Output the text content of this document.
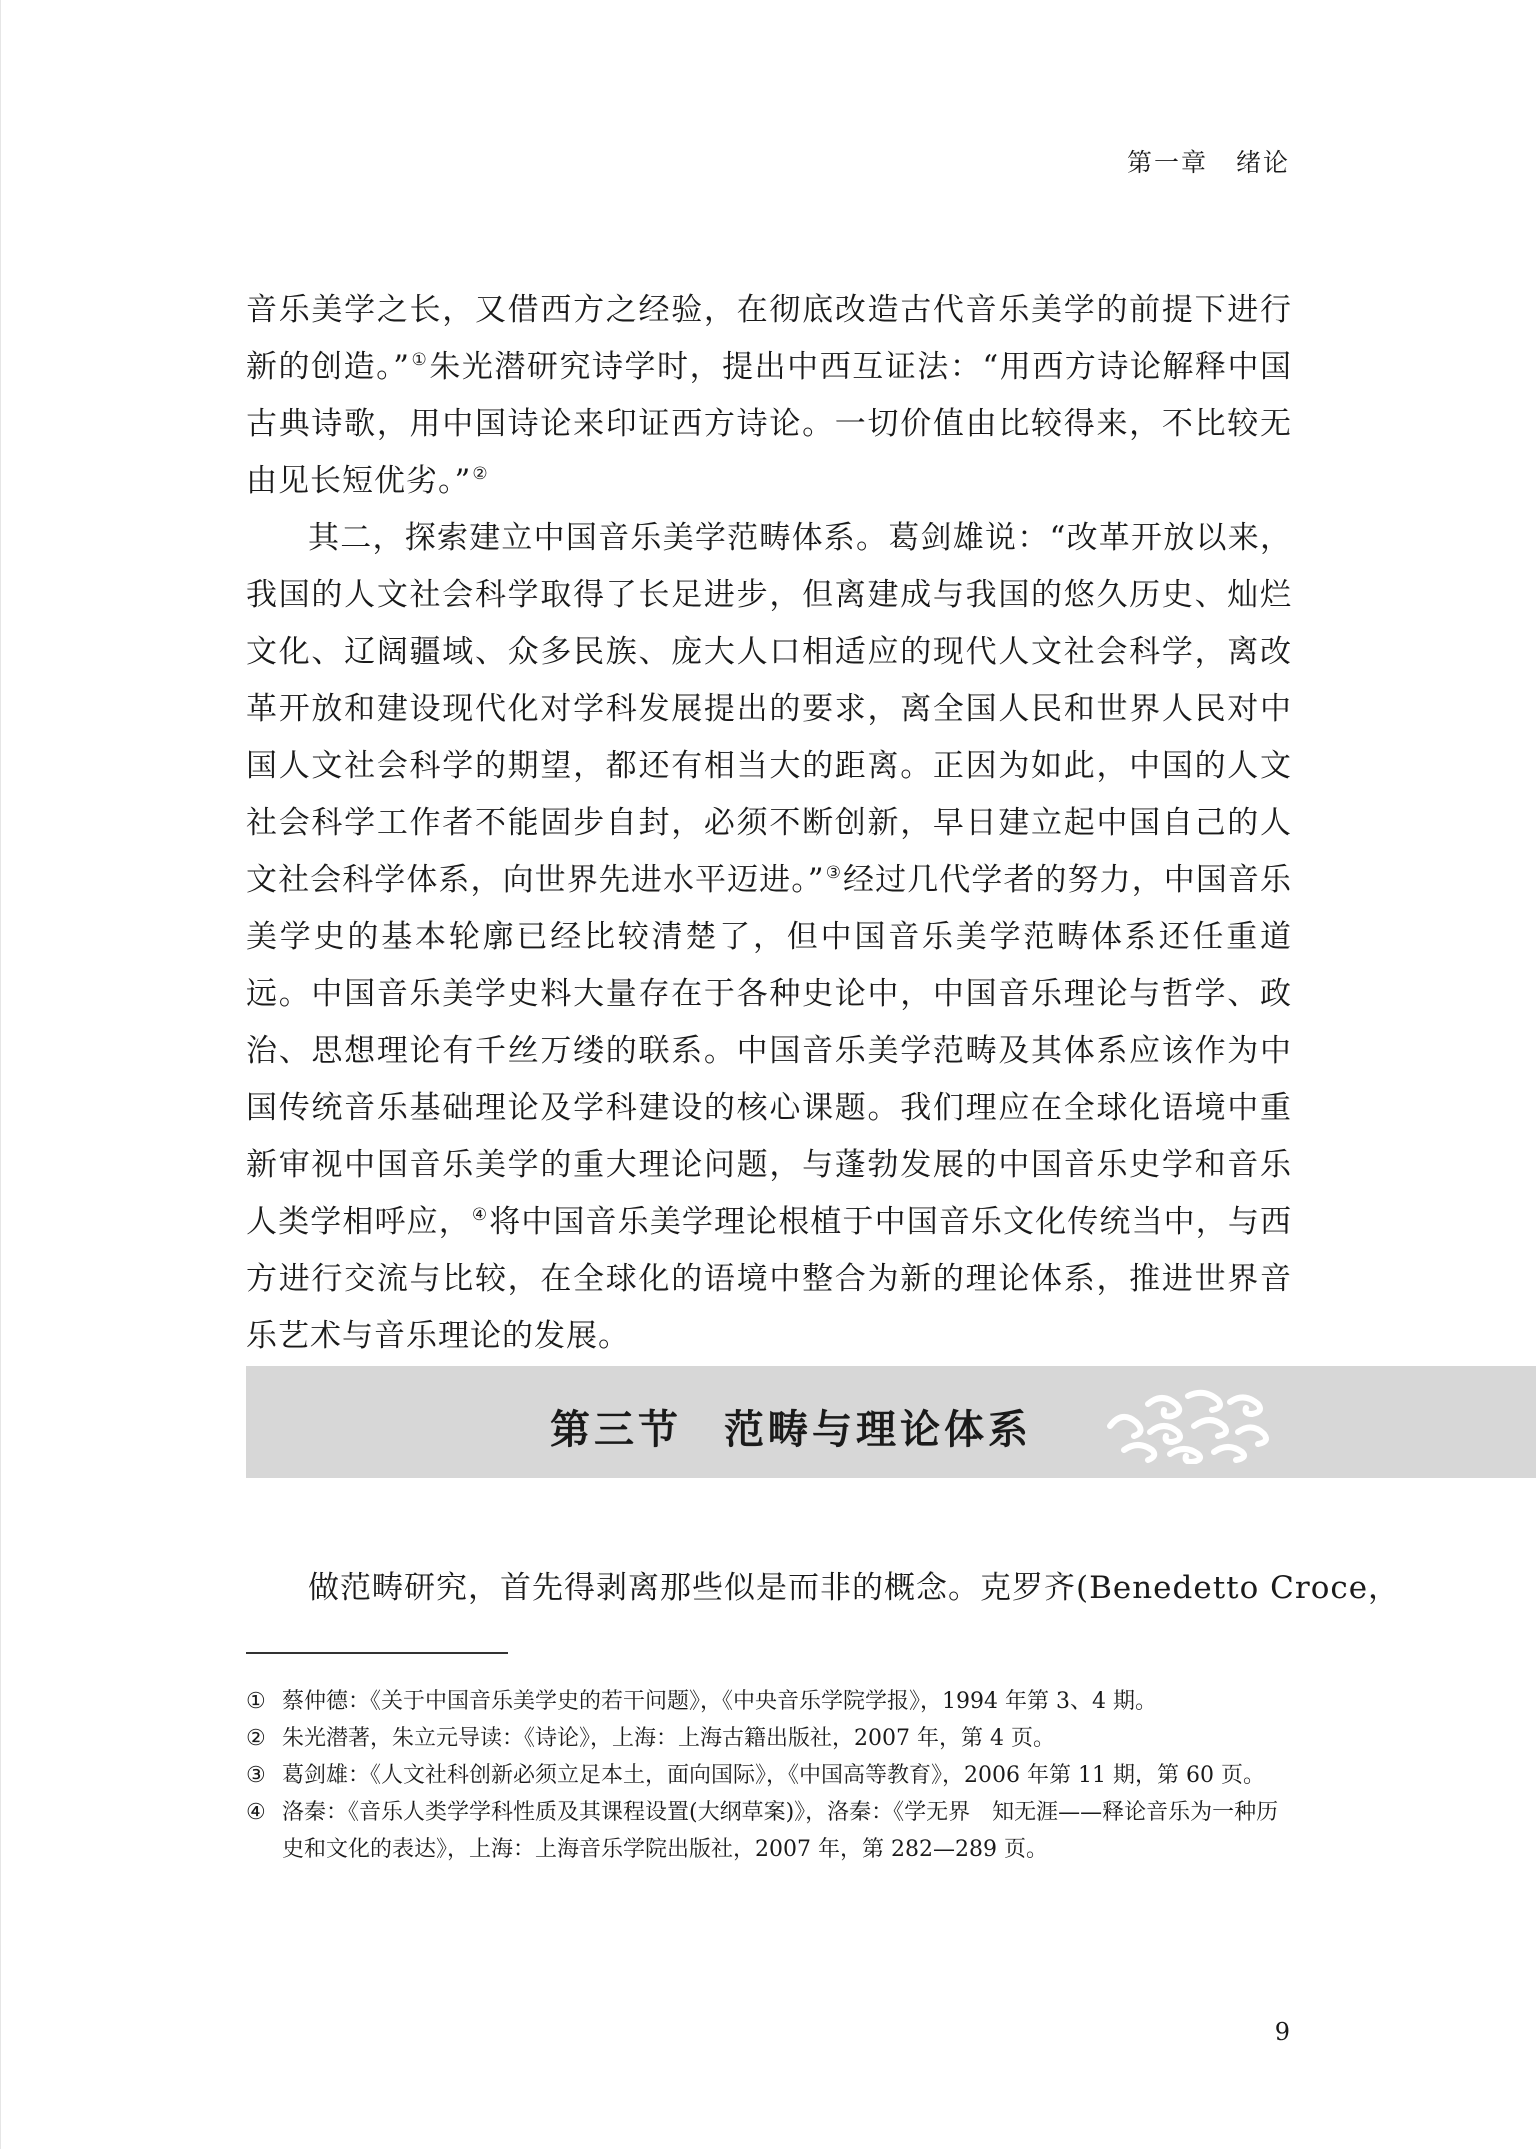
第一章 绪论

音乐美学之长，又借西方之经验，在彻底改造古代音乐美学的前提下进行新的创造。”①朱光潜研究诗学时，提出中西互证法：“用西方诗论解释中国古典诗歌，用中国诗论来印证西方诗论。一切价值由比较得来，不比较无由见长短优劣。”②

其二，探索建立中国音乐美学范畴体系。葛剑雄说：“改革开放以来，我国的人文社会科学取得了长足进步，但离建成与我国的悠久历史、灿烂文化、辽阔疆域、众多民族、庞大人口相适应的现代人文社会科学，离改革开放和建设现代化对学科发展提出的要求，离全国人民和世界人民对中国人文社会科学的期望，都还有相当大的距离。正因为如此，中国的人文社会科学工作者不能固步自封，必须不断创新，早日建立起中国自己的人文社会科学体系，向世界先进水平迈进。”③经过几代学者的努力，中国音乐美学史的基本轮廓已经比较清楚了，但中国音乐美学范畴体系还任重道远。中国音乐美学史料大量存在于各种史论中，中国音乐理论与哲学、政治、思想理论有千丝万缕的联系。中国音乐美学范畴及其体系应该作为中国传统音乐基础理论及学科建设的核心课题。我们理应在全球化语境中重新审视中国音乐美学的重大理论问题，与蓬勃发展的中国音乐史学和音乐人类学相呼应，④将中国音乐美学理论根植于中国音乐文化传统当中，与西方进行交流与比较，在全球化的语境中整合为新的理论体系，推进世界音乐艺术与音乐理论的发展。

第三节 范畴与理论体系

做范畴研究，首先得剥离那些似是而非的概念。克罗齐(Benedetto Croce，

① 蔡仲德：《关于中国音乐美学史的若干问题》，《中央音乐学院学报》，1994 年第 3、4 期。
② 朱光潜著，朱立元导读：《诗论》，上海：上海古籍出版社，2007 年，第 4 页。
③ 葛剑雄：《人文社科创新必须立足本土，面向国际》，《中国高等教育》，2006 年第 11 期，第 60 页。
④ 洛秦：《音乐人类学学科性质及其课程设置(大纲草案)》，洛秦：《学无界　知无涯——释论音乐为一种历史和文化的表达》，上海：上海音乐学院出版社，2007 年，第 282—289 页。
9
